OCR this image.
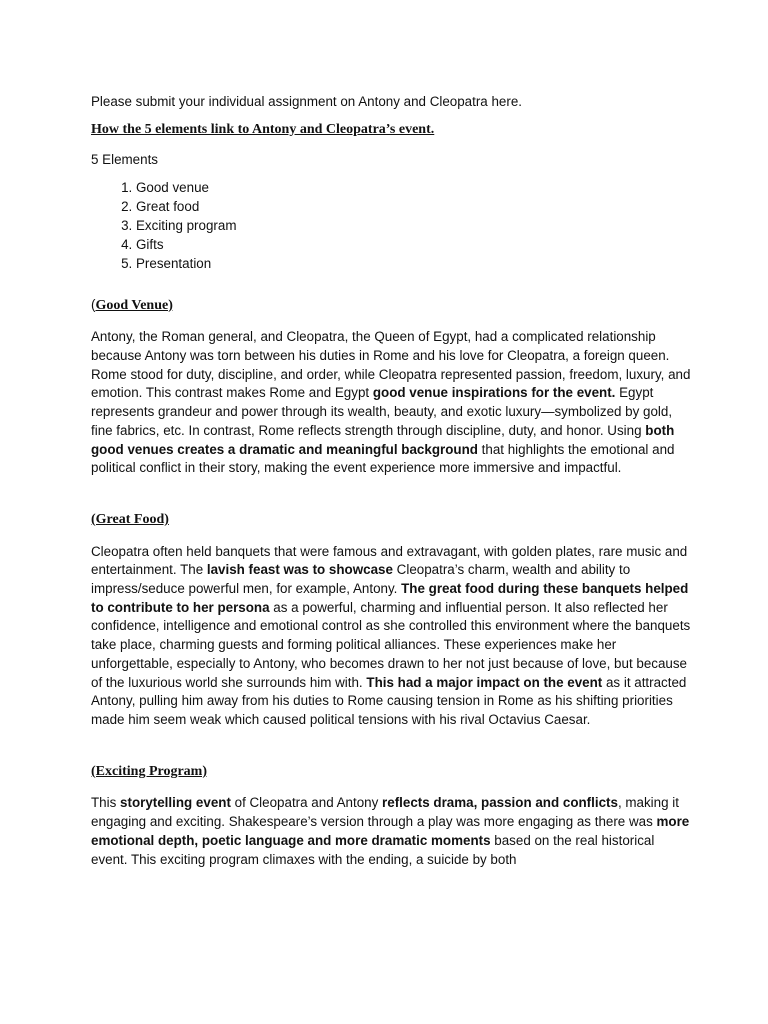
Please submit your individual assignment on Antony and Cleopatra here.

How the 5 elements link to Antony and Cleopatra’s event.

5 Elements

1. Good venue
2. Great food
3. Exciting program
4. Gifts
5. Presentation

(Good Venue)

Antony, the Roman general, and Cleopatra, the Queen of Egypt, had a complicated relationship because Antony was torn between his duties in Rome and his love for Cleopatra, a foreign queen. Rome stood for duty, discipline, and order, while Cleopatra represented passion, freedom, luxury, and emotion. This contrast makes Rome and Egypt good venue inspirations for the event. Egypt represents grandeur and power through its wealth, beauty, and exotic luxury—symbolized by gold, fine fabrics, etc. In contrast, Rome reflects strength through discipline, duty, and honor. Using both good venues creates a dramatic and meaningful background that highlights the emotional and political conflict in their story, making the event experience more immersive and impactful.

(Great Food)

Cleopatra often held banquets that were famous and extravagant, with golden plates, rare music and entertainment. The lavish feast was to showcase Cleopatra’s charm, wealth and ability to impress/seduce powerful men, for example, Antony. The great food during these banquets helped to contribute to her persona as a powerful, charming and influential person. It also reflected her confidence, intelligence and emotional control as she controlled this environment where the banquets take place, charming guests and forming political alliances. These experiences make her unforgettable, especially to Antony, who becomes drawn to her not just because of love, but because of the luxurious world she surrounds him with. This had a major impact on the event as it attracted Antony, pulling him away from his duties to Rome causing tension in Rome as his shifting priorities made him seem weak which caused political tensions with his rival Octavius Caesar.

(Exciting Program)

This storytelling event of Cleopatra and Antony reflects drama, passion and conflicts, making it engaging and exciting. Shakespeare’s version through a play was more engaging as there was more emotional depth, poetic language and more dramatic moments based on the real historical event. This exciting program climaxes with the ending, a suicide by both
